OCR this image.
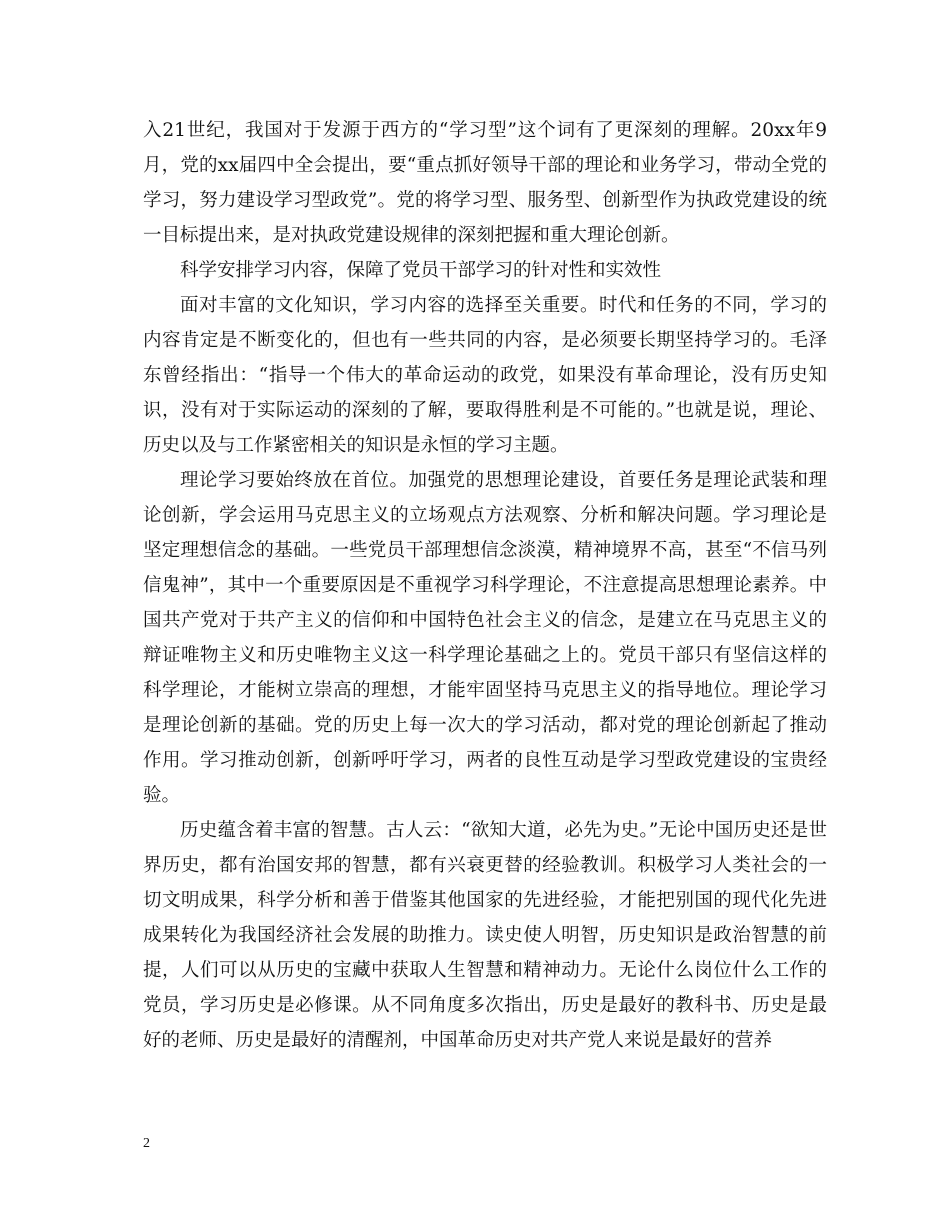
入21世纪，我国对于发源于西方的“学习型”这个词有了更深刻的理解。20xx年9月，党的xx届四中全会提出，要“重点抓好领导干部的理论和业务学习，带动全党的学习，努力建设学习型政党”。党的将学习型、服务型、创新型作为执政党建设的统一目标提出来，是对执政党建设规律的深刻把握和重大理论创新。

科学安排学习内容，保障了党员干部学习的针对性和实效性

面对丰富的文化知识，学习内容的选择至关重要。时代和任务的不同，学习的内容肯定是不断变化的，但也有一些共同的内容，是必须要长期坚持学习的。毛泽东曾经指出：“指导一个伟大的革命运动的政党，如果没有革命理论，没有历史知识，没有对于实际运动的深刻的了解，要取得胜利是不可能的。”也就是说，理论、历史以及与工作紧密相关的知识是永恒的学习主题。

理论学习要始终放在首位。加强党的思想理论建设，首要任务是理论武装和理论创新，学会运用马克思主义的立场观点方法观察、分析和解决问题。学习理论是坚定理想信念的基础。一些党员干部理想信念淡漠，精神境界不高，甚至“不信马列信鬼神”，其中一个重要原因是不重视学习科学理论，不注意提高思想理论素养。中国共产党对于共产主义的信仰和中国特色社会主义的信念，是建立在马克思主义的辩证唯物主义和历史唯物主义这一科学理论基础之上的。党员干部只有坚信这样的科学理论，才能树立崇高的理想，才能牢固坚持马克思主义的指导地位。理论学习是理论创新的基础。党的历史上每一次大的学习活动，都对党的理论创新起了推动作用。学习推动创新，创新呼吁学习，两者的良性互动是学习型政党建设的宝贵经验。

历史蕴含着丰富的智慧。古人云：“欲知大道，必先为史。”无论中国历史还是世界历史，都有治国安邦的智慧，都有兴衰更替的经验教训。积极学习人类社会的一切文明成果，科学分析和善于借鉴其他国家的先进经验，才能把别国的现代化先进成果转化为我国经济社会发展的助推力。读史使人明智，历史知识是政治智慧的前提，人们可以从历史的宝藏中获取人生智慧和精神动力。无论什么岗位什么工作的党员，学习历史是必修课。从不同角度多次指出，历史是最好的教科书、历史是最好的老师、历史是最好的清醒剂，中国革命历史对共产党人来说是最好的营养

2
